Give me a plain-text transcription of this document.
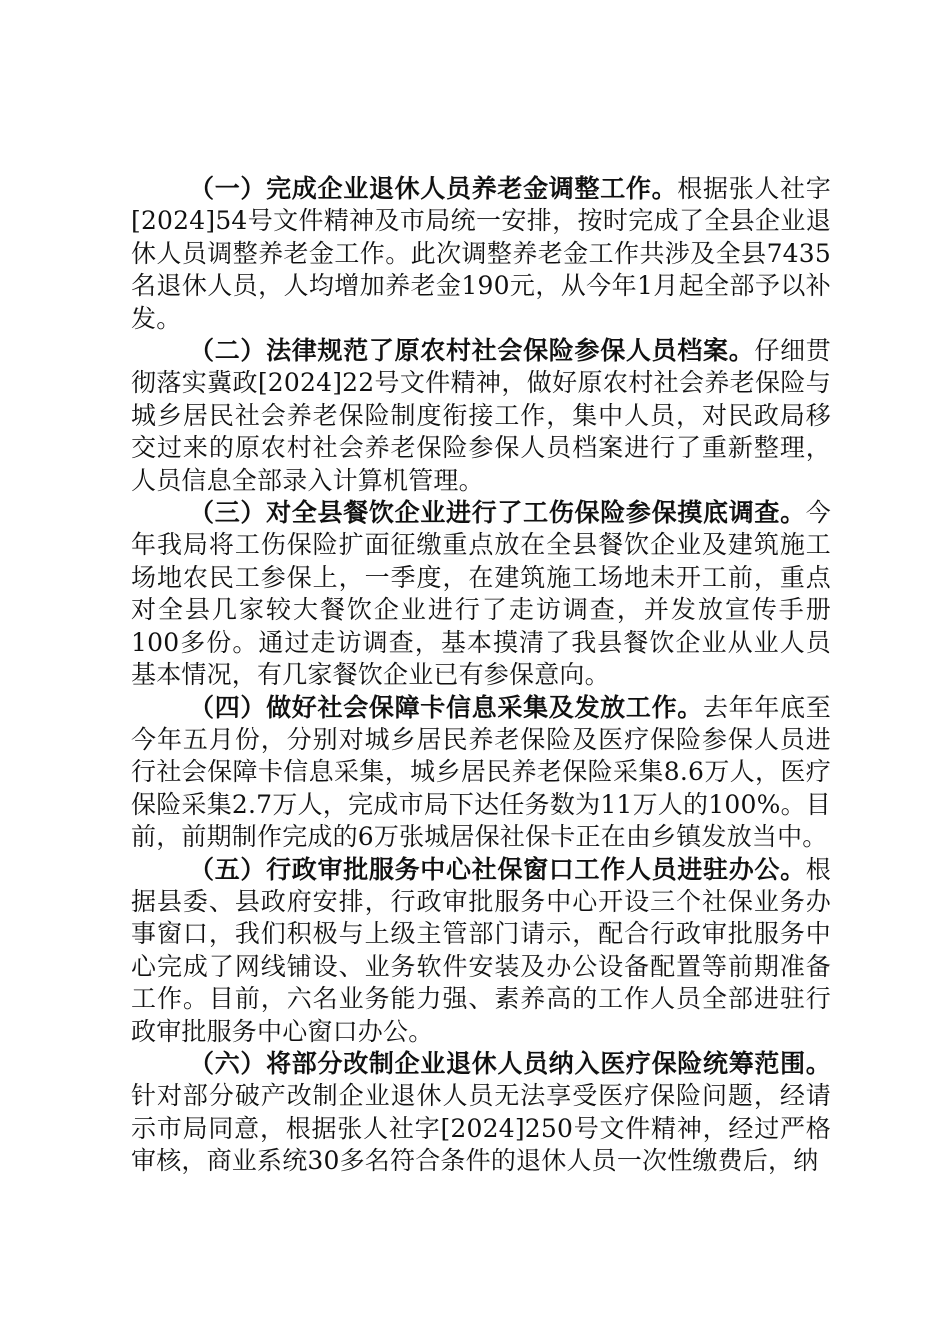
（一）完成企业退休人员养老金调整工作。根据张人社字[2024]54号文件精神及市局统一安排，按时完成了全县企业退休人员调整养老金工作。此次调整养老金工作共涉及全县7435名退休人员，人均增加养老金190元，从今年1月起全部予以补发。

（二）法律规范了原农村社会保险参保人员档案。仔细贯彻落实冀政[2024]22号文件精神，做好原农村社会养老保险与城乡居民社会养老保险制度衔接工作，集中人员，对民政局移交过来的原农村社会养老保险参保人员档案进行了重新整理，人员信息全部录入计算机管理。

（三）对全县餐饮企业进行了工伤保险参保摸底调查。今年我局将工伤保险扩面征缴重点放在全县餐饮企业及建筑施工场地农民工参保上，一季度，在建筑施工场地未开工前，重点对全县几家较大餐饮企业进行了走访调查，并发放宣传手册100多份。通过走访调查，基本摸清了我县餐饮企业从业人员基本情况，有几家餐饮企业已有参保意向。

（四）做好社会保障卡信息采集及发放工作。去年年底至今年五月份，分别对城乡居民养老保险及医疗保险参保人员进行社会保障卡信息采集，城乡居民养老保险采集8.6万人，医疗保险采集2.7万人，完成市局下达任务数为11万人的100%。目前，前期制作完成的6万张城居保社保卡正在由乡镇发放当中。

（五）行政审批服务中心社保窗口工作人员进驻办公。根据县委、县政府安排，行政审批服务中心开设三个社保业务办事窗口，我们积极与上级主管部门请示，配合行政审批服务中心完成了网线铺设、业务软件安装及办公设备配置等前期准备工作。目前，六名业务能力强、素养高的工作人员全部进驻行政审批服务中心窗口办公。

（六）将部分改制企业退休人员纳入医疗保险统筹范围。针对部分破产改制企业退休人员无法享受医疗保险问题，经请示市局同意，根据张人社字[2024]250号文件精神，经过严格审核，商业系统30多名符合条件的退休人员一次性缴费后，纳
